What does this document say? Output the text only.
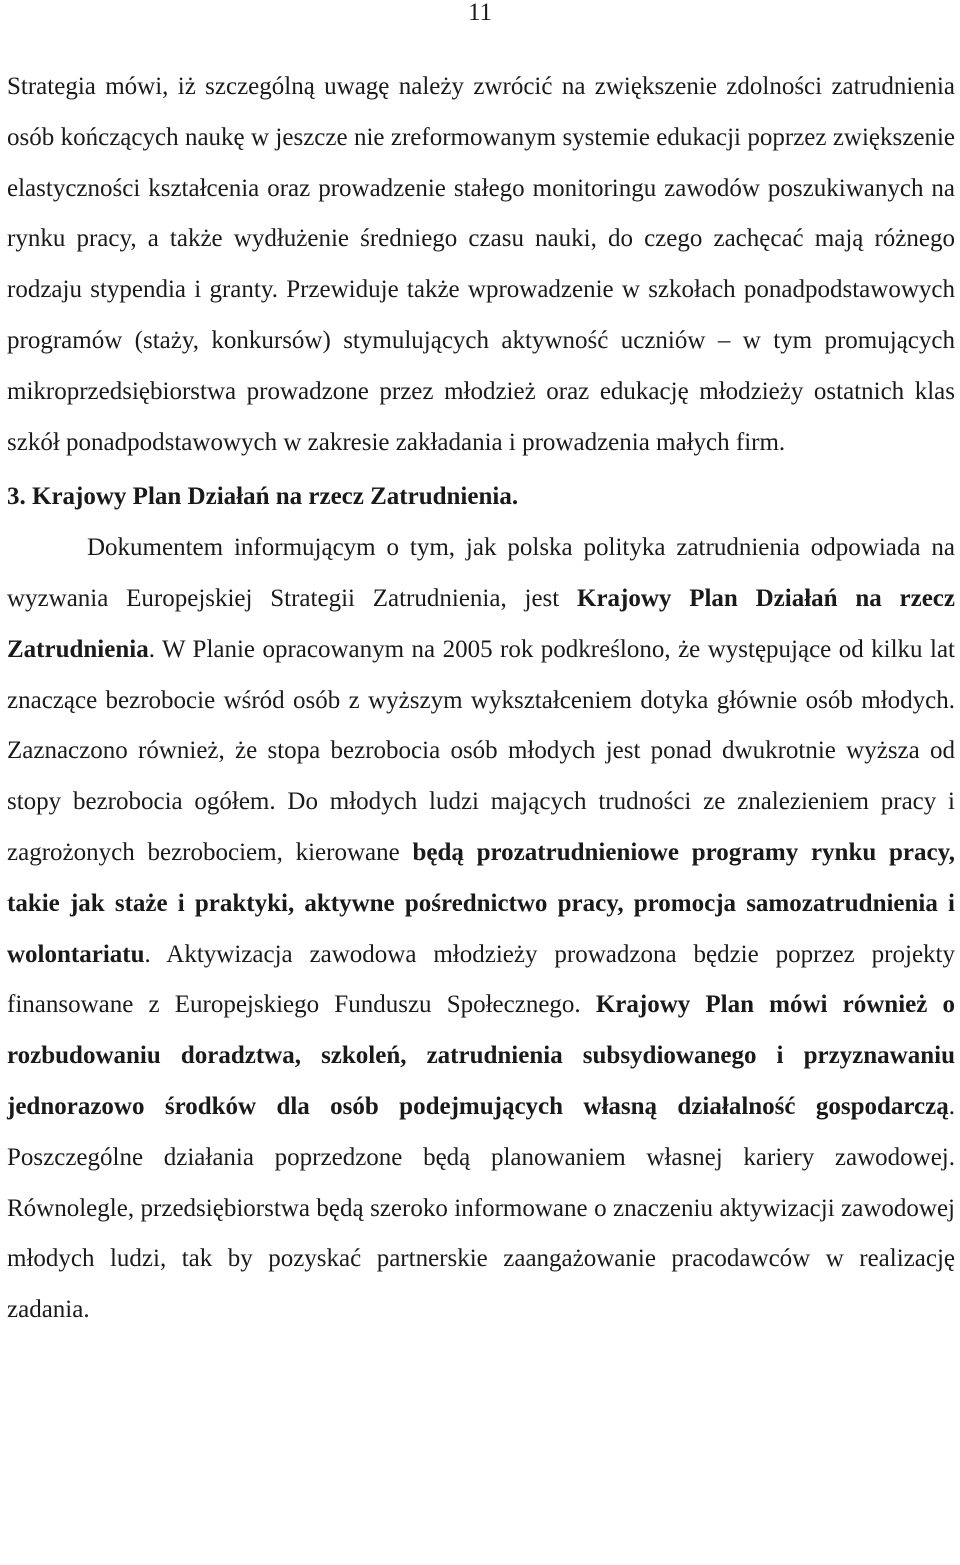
11

Strategia mówi, iż szczególną uwagę należy zwrócić na zwiększenie zdolności zatrudnienia osób kończących naukę w jeszcze nie zreformowanym systemie edukacji poprzez zwiększenie elastyczności kształcenia oraz prowadzenie stałego monitoringu zawodów poszukiwanych na rynku pracy, a także wydłużenie średniego czasu nauki, do czego zachęcać mają różnego rodzaju stypendia i granty. Przewiduje także wprowadzenie w szkołach ponadpodstawowych programów (staży, konkursów) stymulujących aktywność uczniów – w tym promujących mikroprzedsiębiorstwa prowadzone przez młodzież oraz edukację młodzieży ostatnich klas szkół ponadpodstawowych w zakresie zakładania i prowadzenia małych firm.

3. Krajowy Plan Działań na rzecz Zatrudnienia.

Dokumentem informującym o tym, jak polska polityka zatrudnienia odpowiada na wyzwania Europejskiej Strategii Zatrudnienia, jest Krajowy Plan Działań na rzecz Zatrudnienia. W Planie opracowanym na 2005 rok podkreślono, że występujące od kilku lat znaczące bezrobocie wśród osób z wyższym wykształceniem dotyka głównie osób młodych. Zaznaczono również, że stopa bezrobocia osób młodych jest ponad dwukrotnie wyższa od stopy bezrobocia ogółem. Do młodych ludzi mających trudności ze znalezieniem pracy i zagrożonych bezrobociem, kierowane będą prozatrudnieniowe programy rynku pracy, takie jak staże i praktyki, aktywne pośrednictwo pracy, promocja samozatrudnienia i wolontariatu. Aktywizacja zawodowa młodzieży prowadzona będzie poprzez projekty finansowane z Europejskiego Funduszu Społecznego. Krajowy Plan mówi również o rozbudowaniu doradztwa, szkoleń, zatrudnienia subsydiowanego i przyznawaniu jednorazowo środków dla osób podejmujących własną działalność gospodarczą. Poszczególne działania poprzedzone będą planowaniem własnej kariery zawodowej. Równolegle, przedsiębiorstwa będą szeroko informowane o znaczeniu aktywizacji zawodowej młodych ludzi, tak by pozyskać partnerskie zaangażowanie pracodawców w realizację zadania.
